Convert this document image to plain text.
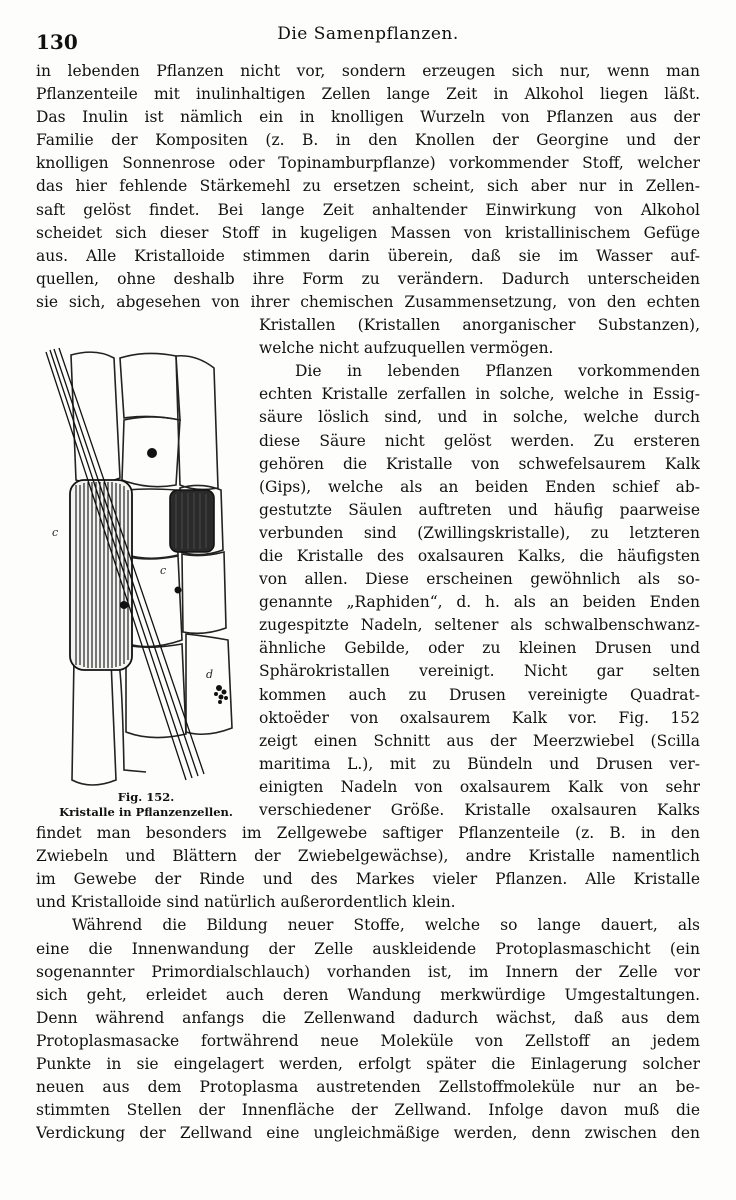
130	Die Samenpflanzen.
c
c
d
Fig. 152.
Kristalle in Pflanzenzellen.
in lebenden Pflanzen nicht vor, sondern erzeugen sich nur, wenn man
Pflanzenteile mit inulinhaltigen Zellen lange Zeit in Alkohol liegen läßt.
Das Inulin ist nämlich ein in knolligen Wurzeln von Pflanzen aus der
Familie der Kompositen (z. B. in den Knollen der Georgine und der
knolligen Sonnenrose oder Topinamburpflanze) vorkommender Stoff, welcher
das hier fehlende Stärkemehl zu ersetzen scheint, sich aber nur in Zellen-
saft gelöst findet. Bei lange Zeit anhaltender Einwirkung von Alkohol
scheidet sich dieser Stoff in kugeligen Massen von kristallinischem Gefüge
aus. Alle Kristalloide stimmen darin überein, daß sie im Wasser auf-
quellen, ohne deshalb ihre Form zu verändern. Dadurch unterscheiden
sie sich, abgesehen von ihrer chemischen Zusammensetzung, von den echten
Kristallen (Kristallen anorganischer Substanzen),
welche nicht aufzuquellen vermögen.
Die in lebenden Pflanzen vorkommenden
echten Kristalle zerfallen in solche, welche in Essig-
säure löslich sind, und in solche, welche durch
diese Säure nicht gelöst werden. Zu ersteren
gehören die Kristalle von schwefelsaurem Kalk
(Gips), welche als an beiden Enden schief ab-
gestutzte Säulen auftreten und häufig paarweise
verbunden sind (Zwillingskristalle), zu letzteren
die Kristalle des oxalsauren Kalks, die häufigsten
von allen. Diese erscheinen gewöhnlich als so-
genannte „Raphiden“, d. h. als an beiden Enden
zugespitzte Nadeln, seltener als schwalbenschwanz-
ähnliche Gebilde, oder zu kleinen Drusen und
Sphärokristallen vereinigt. Nicht gar selten
kommen auch zu Drusen vereinigte Quadrat-
oktoëder von oxalsaurem Kalk vor. Fig. 152
zeigt einen Schnitt aus der Meerzwiebel (Scilla
maritima L.), mit zu Bündeln und Drusen ver-
einigten Nadeln von oxalsaurem Kalk von sehr
verschiedener Größe. Kristalle oxalsauren Kalks
findet man besonders im Zellgewebe saftiger Pflanzenteile (z. B. in den
Zwiebeln und Blättern der Zwiebelgewächse), andre Kristalle namentlich
im Gewebe der Rinde und des Markes vieler Pflanzen. Alle Kristalle
und Kristalloide sind natürlich außerordentlich klein.
Während die Bildung neuer Stoffe, welche so lange dauert, als
eine die Innenwandung der Zelle auskleidende Protoplasmaschicht (ein
sogenannter Primordialschlauch) vorhanden ist, im Innern der Zelle vor
sich geht, erleidet auch deren Wandung merkwürdige Umgestaltungen.
Denn während anfangs die Zellenwand dadurch wächst, daß aus dem
Protoplasmasacke fortwährend neue Moleküle von Zellstoff an jedem
Punkte in sie eingelagert werden, erfolgt später die Einlagerung solcher
neuen aus dem Protoplasma austretenden Zellstoffmoleküle nur an be-
stimmten Stellen der Innenfläche der Zellwand. Infolge davon muß die
Verdickung der Zellwand eine ungleichmäßige werden, denn zwischen den
